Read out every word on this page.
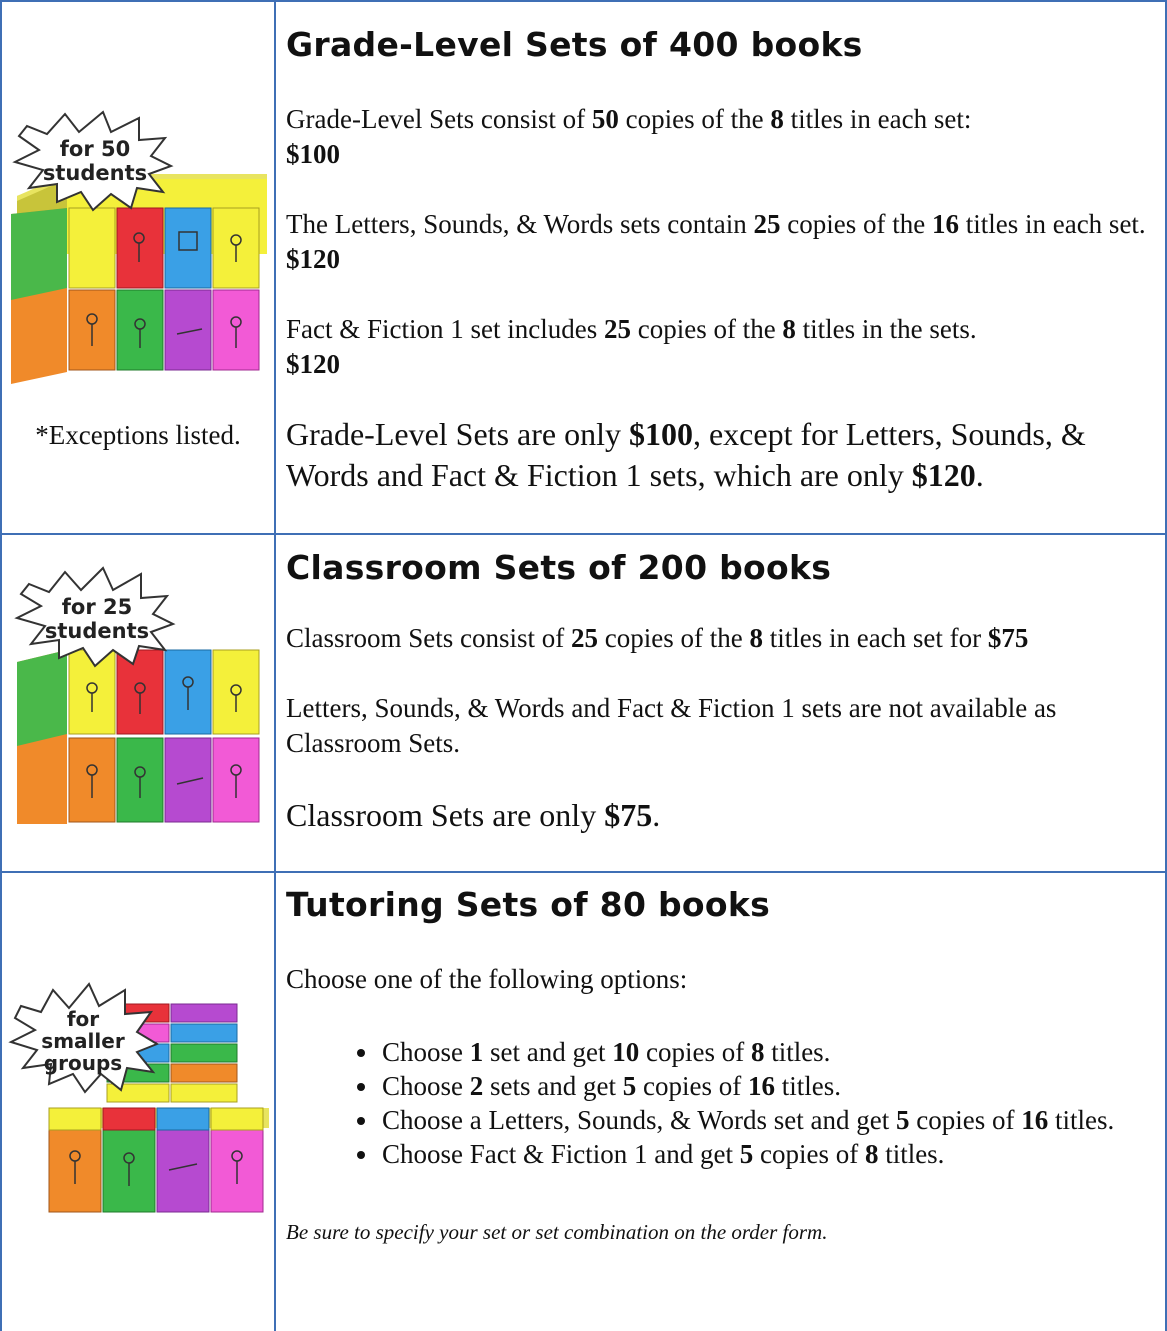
for 50
students
*Exceptions listed.
Grade-Level Sets of 400 books

Grade-Level Sets consist of 50 copies of the 8 titles in each set:
$100

The Letters, Sounds, & Words sets contain 25 copies of the 16 titles in each set. $120

Fact & Fiction 1 set includes 25 copies of the 8 titles in the sets.
$120

Grade-Level Sets are only $100, except for Letters, Sounds, & Words and Fact & Fiction 1 sets, which are only $120.

for 25
students
Classroom Sets of 200 books

Classroom Sets consist of 25 copies of the 8 titles in each set for $75

Letters, Sounds, & Words and Fact & Fiction 1 sets are not available as Classroom Sets.

Classroom Sets are only $75.

for
smaller
groups
Tutoring Sets of 80 books

Choose one of the following options:

• Choose 1 set and get 10 copies of 8 titles.
• Choose 2 sets and get 5 copies of 16 titles.
• Choose a Letters, Sounds, & Words set and get 5 copies of 16 titles.
• Choose Fact & Fiction 1 and get 5 copies of 8 titles.

Be sure to specify your set or set combination on the order form.
